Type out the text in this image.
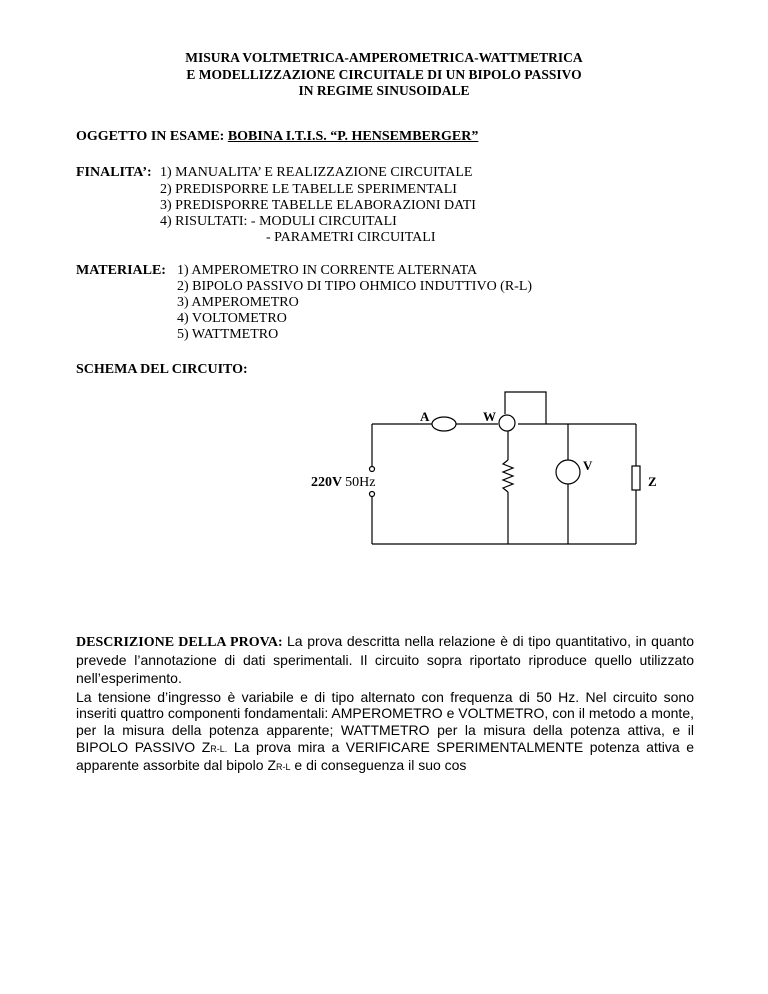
MISURA VOLTMETRICA-AMPEROMETRICA-WATTMETRICA
E MODELLIZZAZIONE CIRCUITALE DI UN BIPOLO PASSIVO
IN REGIME SINUSOIDALE
OGGETTO IN ESAME: BOBINA I.T.I.S. “P. HENSEMBERGER”
FINALITA’: 1) MANUALITA’ E REALIZZAZIONE CIRCUITALE
2) PREDISPORRE LE TABELLE SPERIMENTALI
3) PREDISPORRE TABELLE ELABORAZIONI DATI
4) RISULTATI: - MODULI CIRCUITALI
- PARAMETRI CIRCUITALI
MATERIALE: 1) AMPEROMETRO IN CORRENTE ALTERNATA
2) BIPOLO PASSIVO DI TIPO OHMICO INDUTTIVO (R-L)
3) AMPEROMETRO
4) VOLTOMETRO
5) WATTMETRO
SCHEMA DEL CIRCUITO:
A	W
V
Z
220V 50Hz

DESCRIZIONE DELLA PROVA: La prova descritta nella relazione è di tipo quantitativo, in quanto prevede l’annotazione di dati sperimentali. Il circuito sopra riportato riproduce quello utilizzato nell’esperimento.

La tensione d’ingresso è variabile e di tipo alternato con frequenza di 50 Hz. Nel circuito sono inseriti quattro componenti fondamentali: AMPEROMETRO e VOLTMETRO, con il metodo a monte, per la misura della potenza apparente; WATTMETRO per la misura della potenza attiva, e il BIPOLO PASSIVO ZR-L. La prova mira a VERIFICARE SPERIMENTALMENTE potenza attiva e apparente assorbite dal bipolo ZR-L e di conseguenza il suo cos
